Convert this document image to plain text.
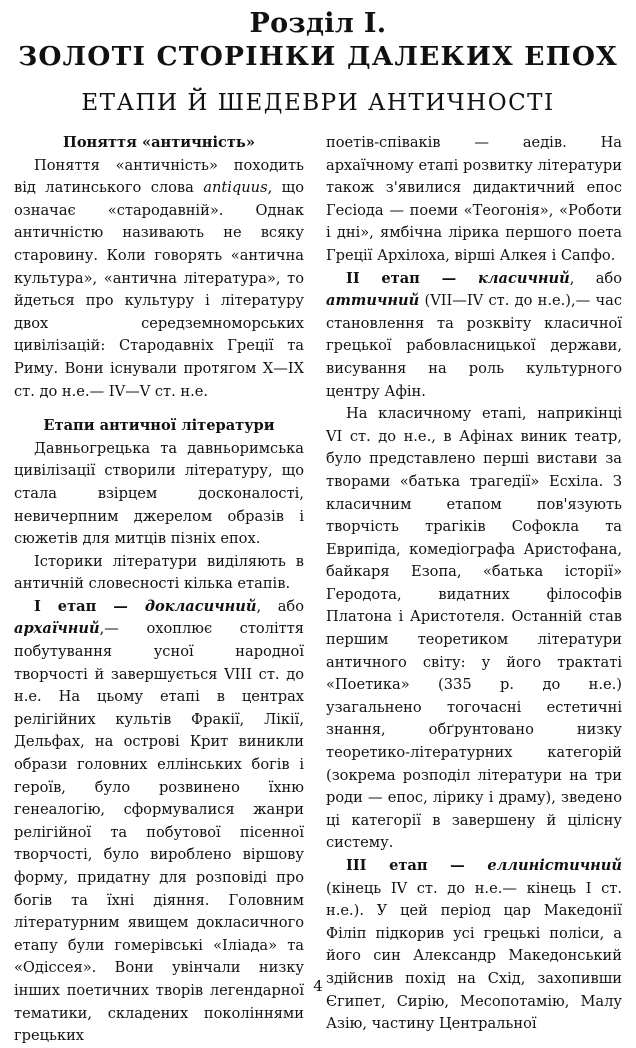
Розділ І.
ЗОЛОТІ СТОРІНКИ ДАЛЕКИХ ЕПОХ
ЕТАПИ Й ШЕДЕВРИ АНТИЧНОСТІ
Поняття «античність»

Поняття «античність» походить від латинського слова antiquus, що означає «стародавній». Однак античністю називають не всяку старовину. Коли говорять «антична культура», «антична література», то йдеться про культуру і літературу двох середземноморських цивілізацій: Стародавніх Греції та Риму. Вони існували протягом X—IX ст. до н.е.— IV—V ст. н.е.

Етапи античної літератури

Давньогрецька та давньоримська цивілізації створили літературу, що стала взірцем досконалості, невичерпним джерелом образів і сюжетів для митців пізніх епох.

Історики літератури виділяють в античній словесності кілька етапів.

І етап — докласичний, або архаїчний,— охоплює століття побутування усної народної творчості й завершується VIII ст. до н.е. На цьому етапі в центрах релігійних культів Фракії, Лікії, Дельфах, на острові Крит виникли образи головних еллінських богів і героїв, було розвинено їхню генеалогію, сформувалися жанри релігійної та побутової пісенної творчості, було вироблено віршову форму, придатну для розповіді про богів та їхні діяння. Головним літературним явищем докласичного етапу були гомерівські «Іліада» та «Одіссея». Вони увінчали низку інших поетичних творів легендарної тематики, складених поколіннями грецьких

поетів-співаків — аедів. На архаїчному етапі розвитку літератури також з'явилися дидактичний епос Гесіода — поеми «Теогонія», «Роботи і дні», ямбічна лірика першого поета Греції Архілоха, вірші Алкея і Сапфо.

ІІ етап — класичний, або аттичний (VII—IV ст. до н.е.),— час становлення та розквіту класичної грецької рабовласницької держави, висування на роль культурного центру Афін.

На класичному етапі, наприкінці VI ст. до н.е., в Афінах виник театр, було представлено перші вистави за творами «батька трагедії» Есхіла. З класичним етапом пов'язують творчість трагіків Софокла та Еврипіда, комедіографа Аристофана, байкаря Езопа, «батька історії» Геродота, видатних філософів Платона і Аристотеля. Останній став першим теоретиком літератури античного світу: у його трактаті «Поетика» (335 р. до н.е.) узагальнено тогочасні естетичні знання, обґрунтовано низку теоретико-літературних категорій (зокрема розподіл літератури на три роди — епос, лірику і драму), зведено ці категорії в завершену й цілісну систему.

ІІІ етап — еллиністичний (кінець IV ст. до н.е.— кінець І ст. н.е.). У цей період цар Македонії Філіп підкорив усі грецькі поліси, а його син Александр Македонський здійснив похід на Схід, захопивши Єгипет, Сирію, Месопотамію, Малу Азію, частину Центральної

4
